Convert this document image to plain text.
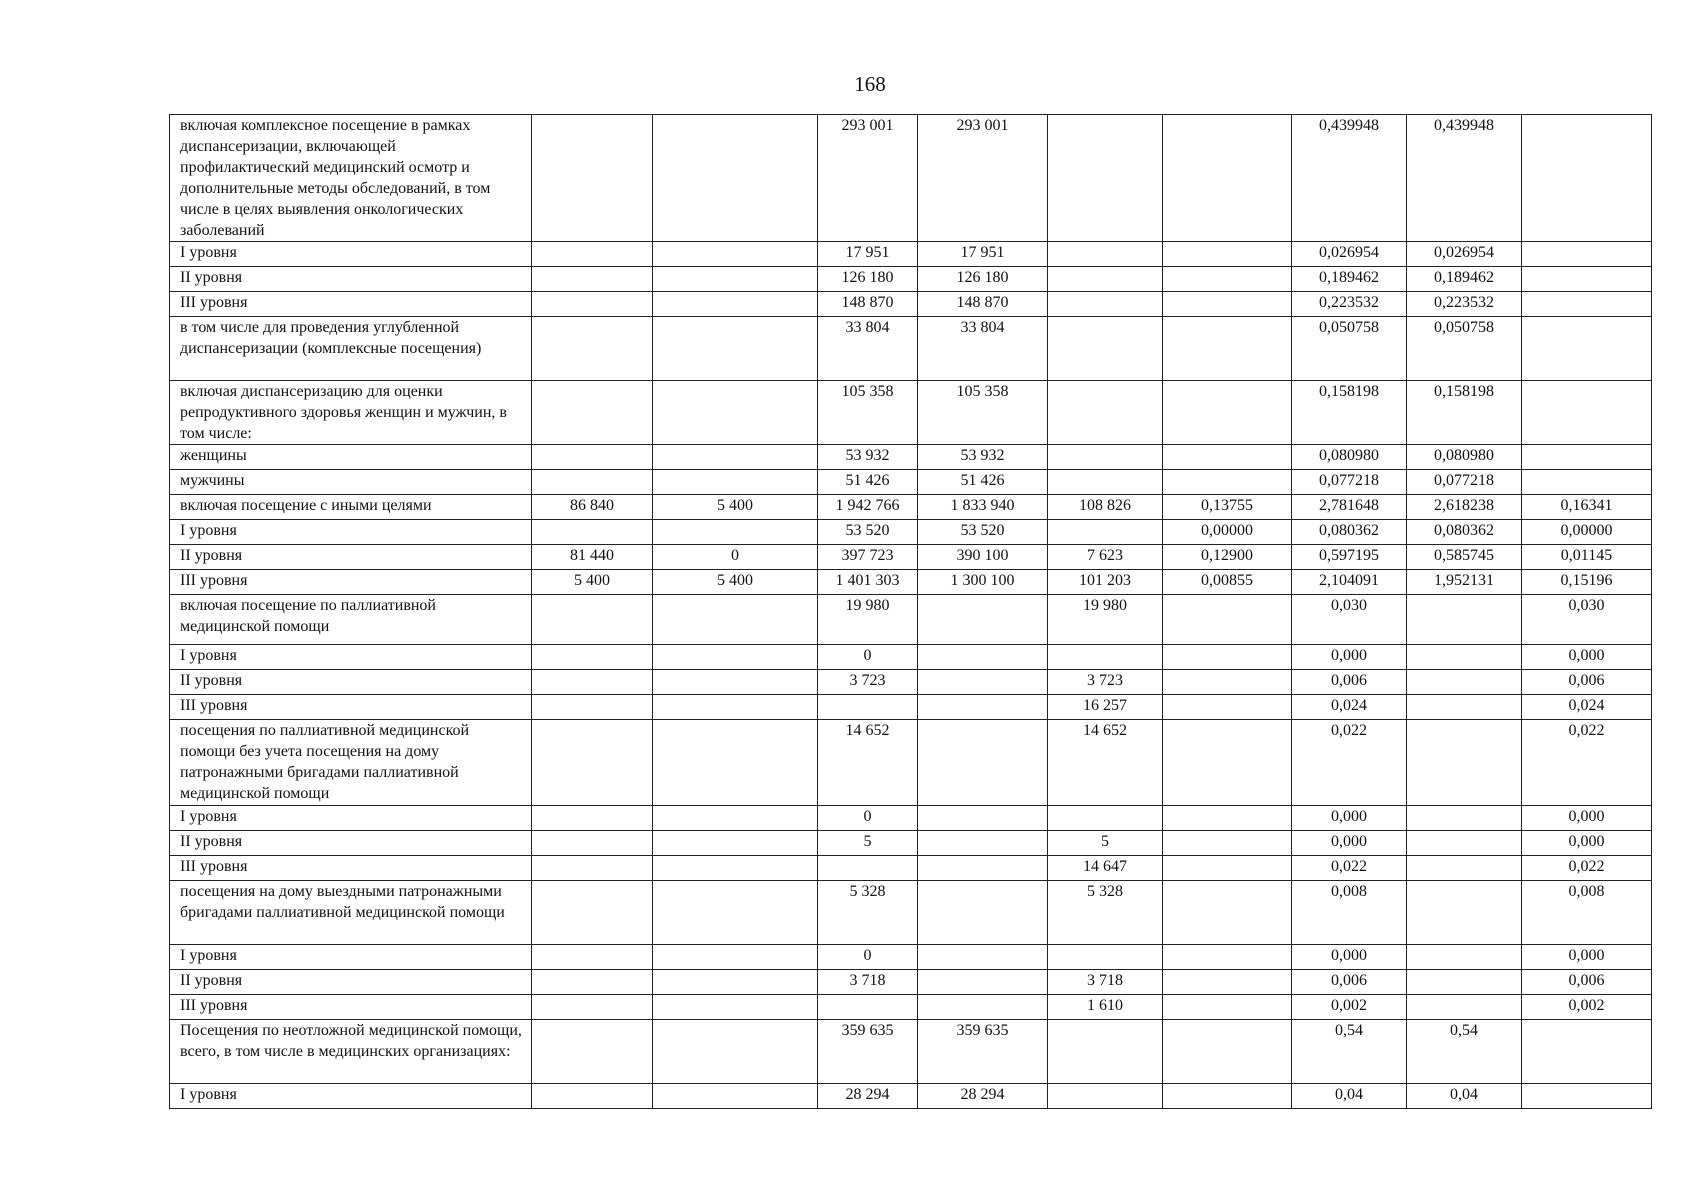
168
включая комплексное посещение в рамках диспансеризации, включающей профилактический медицинский осмотр и дополнительные методы обследований, в том числе в целях выявления онкологических заболеваний			293 001	293 001			0,439948	0,439948	
I уровня			17 951	17 951			0,026954	0,026954	
II уровня			126 180	126 180			0,189462	0,189462	
III уровня			148 870	148 870			0,223532	0,223532	
в том числе для проведения углубленной диспансеризации (комплексные посещения)			33 804	33 804			0,050758	0,050758	
включая диспансеризацию для оценки репродуктивного здоровья женщин и мужчин, в том числе:			105 358	105 358			0,158198	0,158198	
женщины			53 932	53 932			0,080980	0,080980	
мужчины			51 426	51 426			0,077218	0,077218	
включая посещение с иными целями	86 840	5 400	1 942 766	1 833 940	108 826	0,13755	2,781648	2,618238	0,16341
I уровня			53 520	53 520		0,00000	0,080362	0,080362	0,00000
II уровня	81 440	0	397 723	390 100	7 623	0,12900	0,597195	0,585745	0,01145
III уровня	5 400	5 400	1 401 303	1 300 100	101 203	0,00855	2,104091	1,952131	0,15196
включая посещение по паллиативной медицинской помощи			19 980		19 980		0,030		0,030
I уровня			0				0,000		0,000
II уровня			3 723		3 723		0,006		0,006
III уровня					16 257		0,024		0,024
посещения по паллиативной медицинской помощи без учета посещения на дому патронажными бригадами паллиативной медицинской помощи			14 652		14 652		0,022		0,022
I уровня			0				0,000		0,000
II уровня			5		5		0,000		0,000
III уровня					14 647		0,022		0,022
посещения на дому выездными патронажными бригадами паллиативной медицинской помощи			5 328		5 328		0,008		0,008
I уровня			0				0,000		0,000
II уровня			3 718		3 718		0,006		0,006
III уровня					1 610		0,002		0,002
Посещения по неотложной медицинской помощи, всего, в том числе в медицинских организациях:			359 635	359 635			0,54	0,54	
I уровня			28 294	28 294			0,04	0,04	
